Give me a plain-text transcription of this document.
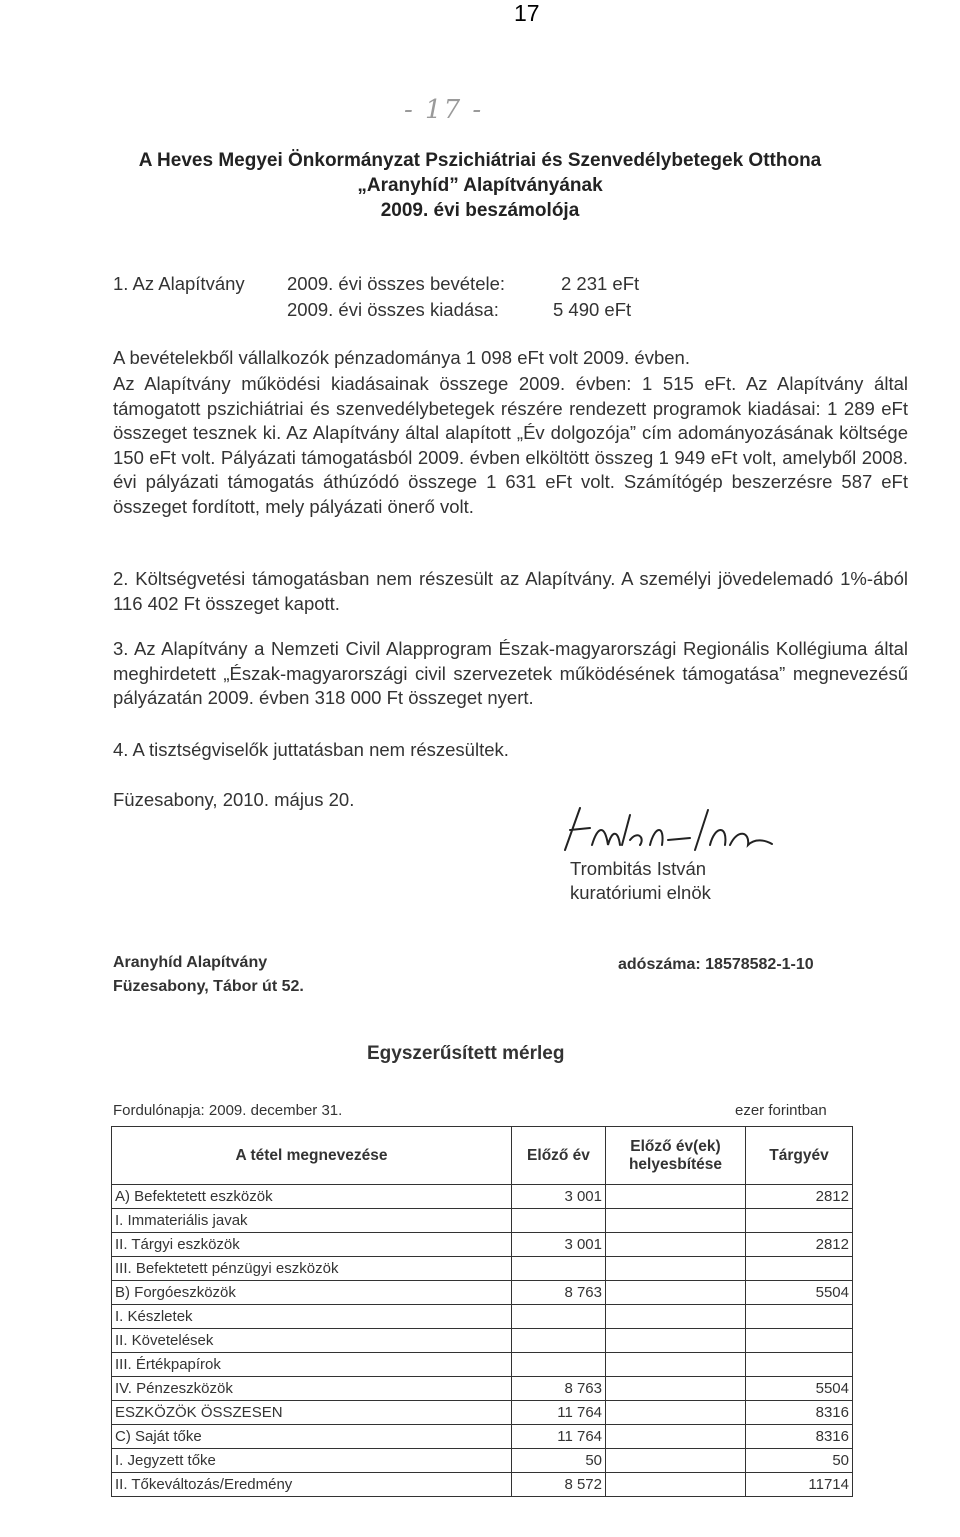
17
- 17 -
A Heves Megyei Önkormányzat Pszichiátriai és Szenvedélybetegek Otthona
„Aranyhíd” Alapítványának
2009. évi beszámolója
1. Az Alapítvány 2009. évi összes bevétele:	2 231 eFt
2009. évi összes kiadása:	5 490 eFt
A bevételekből vállalkozók pénzadománya 1 098 eFt volt 2009. évben.
Az Alapítvány működési kiadásainak összege 2009. évben: 1 515 eFt. Az Alapítvány által támogatott pszichiátriai és szenvedélybetegek részére rendezett programok kiadásai: 1 289 eFt összeget tesznek ki. Az Alapítvány által alapított „Év dolgozója” cím adományozásának költsége 150 eFt volt. Pályázati támogatásból 2009. évben elköltött összeg 1 949 eFt volt, amelyből 2008. évi pályázati támogatás áthúzódó összege 1 631 eFt volt. Számítógép beszerzésre 587 eFt összeget fordított, mely pályázati önerő volt.
2. Költségvetési támogatásban nem részesült az Alapítvány. A személyi jövedelemadó 1%-ából 116 402 Ft összeget kapott.
3. Az Alapítvány a Nemzeti Civil Alapprogram Észak-magyarországi Regionális Kollégiuma által meghirdetett „Észak-magyarországi civil szervezetek működésének támogatása” megnevezésű pályázatán 2009. évben 318 000 Ft összeget nyert.
4. A tisztségviselők juttatásban nem részesültek.
Füzesabony, 2010. május 20.
Trombitás István
kuratóriumi elnök
Aranyhíd Alapítvány
Füzesabony, Tábor út 52.
adószáma: 18578582-1-10
Egyszerűsített mérleg
Fordulónapja: 2009. december 31.	ezer forintban
A tétel megnevezése	Előző év	Előző év(ek) helyesbítése	Tárgyév
A) Befektetett eszközök	3 001		2812
I. Immateriális javak			
II. Tárgyi eszközök	3 001		2812
III. Befektetett pénzügyi eszközök			
B) Forgóeszközök	8 763		5504
I. Készletek			
II. Követelések			
III. Értékpapírok			
IV. Pénzeszközök	8 763		5504
ESZKÖZÖK ÖSSZESEN	11 764		8316
C) Saját tőke	11 764		8316
I. Jegyzett tőke	50		50
II. Tőkeváltozás/Eredmény	8 572		11714
